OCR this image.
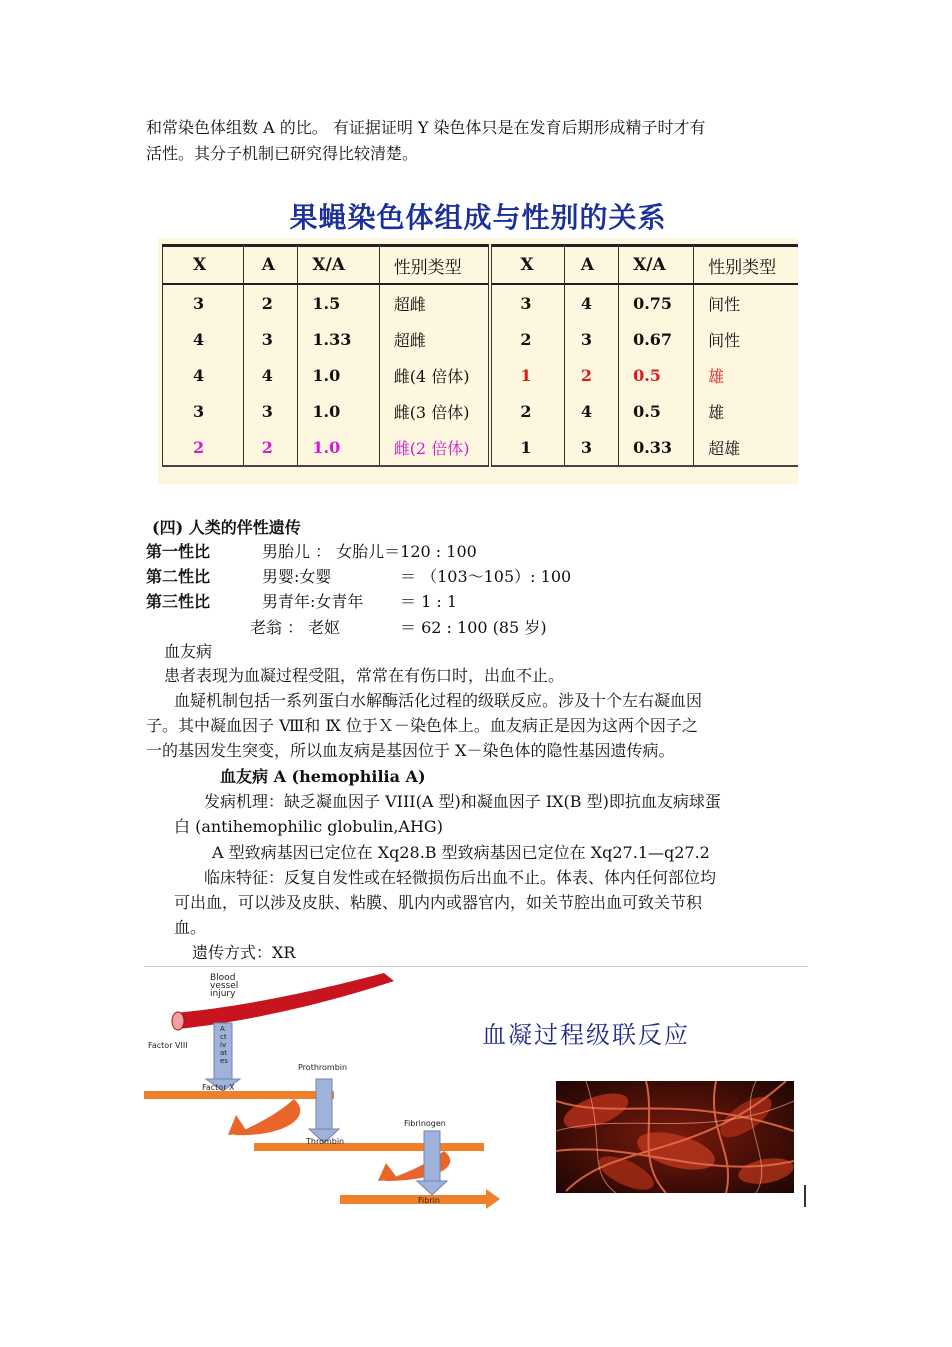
和常染色体组数 A 的比。 有证据证明 Y 染色体只是在发育后期形成精子时才有

活性。其分子机制已研究得比较清楚。

果蝇染色体组成与性别的关系
X	A	X/A	性别类型	X	A	X/A	性别类型
3	2	1.5	超雌	3	4	0.75	间性
4	3	1.33	超雌	2	3	0.67	间性
4	4	1.0	雌(4 倍体)	1	2	0.5	雄
3	3	1.0	雌(3 倍体)	2	4	0.5	雄
2	2	1.0	雌(2 倍体)	1	3	0.33	超雄

(四) 人类的伴性遗传

第一性比	男胎儿 ： 女胎儿＝120 : 100

第二性比	男婴:女婴	＝ （103～105）: 100

第三性比	男青年:女青年 ＝ 1 : 1

老翁 ： 老妪	＝ 62 : 100 (85 岁)

血友病

患者表现为血凝过程受阻，常常在有伤口时，出血不止。

血疑机制包括一系列蛋白水解酶活化过程的级联反应。涉及十个左右凝血因

子。其中凝血因子 Ⅷ和 Ⅸ 位于Ｘ－染色体上。血友病正是因为这两个因子之

一的基因发生突变，所以血友病是基因位于 X－染色体的隐性基因遗传病。

血友病 A (hemophilia A)

发病机理：缺乏凝血因子 VIII(A 型)和凝血因子 IX(B 型)即抗血友病球蛋

白 (antihemophilic globulin,AHG)

A 型致病基因已定位在 Xq28.B 型致病基因已定位在 Xq27.1—q27.2

临床特征：反复自发性或在轻微损伤后出血不止。体表、体内任何部位均

可出血，可以涉及皮肤、粘膜、肌内内或器官内，如关节腔出血可致关节积

血。

遗传方式：XR

Blood
vessel
injury
Factor VIII
Activates
Prothrombin
Factor X
Fibrinogen
Thrombin
Fibrin
血凝过程级联反应
